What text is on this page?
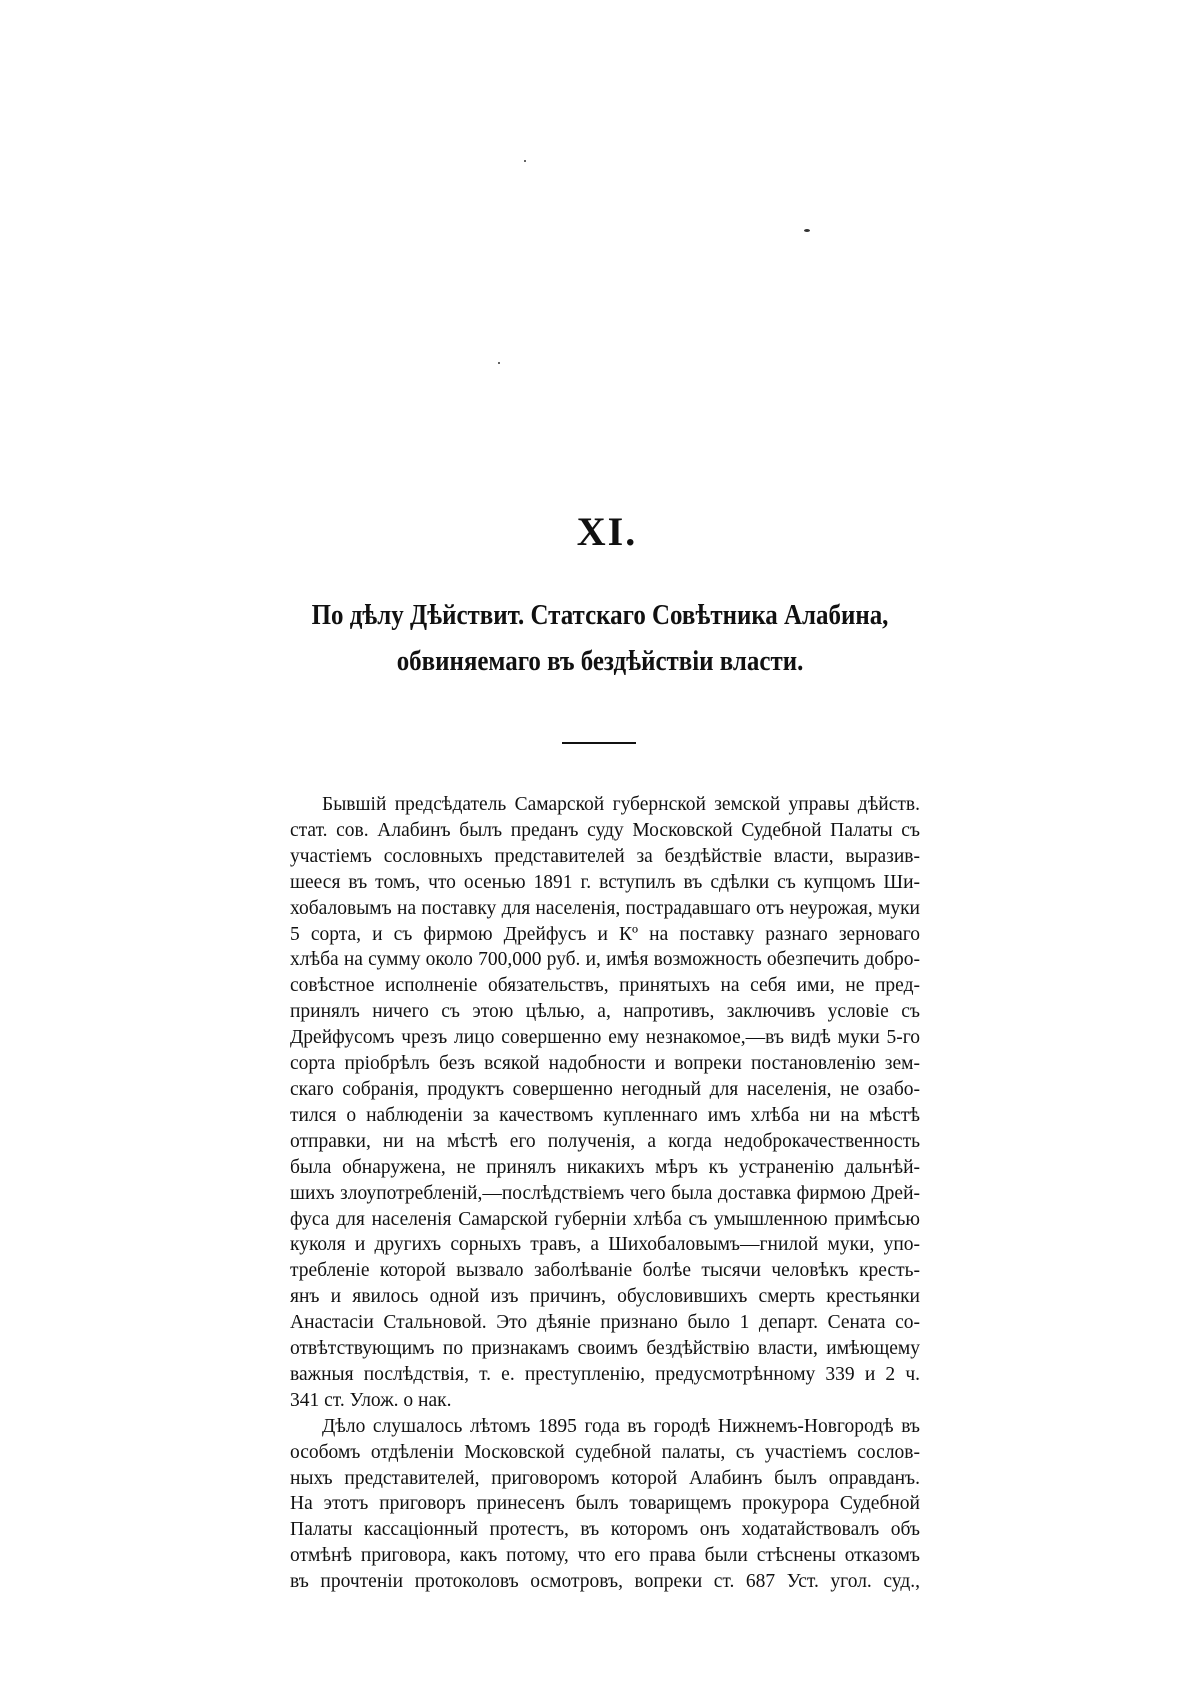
XI.
По дѣлу Дѣйствит. Статскаго Совѣтника Алабина,
обвиняемаго въ бездѣйствіи власти.
Бывшій предсѣдатель Самарской губернской земской управы дѣйств.
стат. сов. Алабинъ былъ преданъ суду Московской Судебной Палаты съ
участіемъ сословныхъ представителей за бездѣйствіе власти, выразив-
шееся въ томъ, что осенью 1891 г. вступилъ въ сдѣлки съ купцомъ Ши-
хобаловымъ на поставку для населенія, пострадавшаго отъ неурожая, муки
5 сорта, и съ фирмою Дрейфусъ и Кº на поставку разнаго зерноваго
хлѣба на сумму около 700,000 руб. и, имѣя возможность обезпечить добро-
совѣстное исполненіе обязательствъ, принятыхъ на себя ими, не пред-
принялъ ничего съ этою цѣлью, а, напротивъ, заключивъ условіе съ
Дрейфусомъ чрезъ лицо совершенно ему незнакомое,—въ видѣ муки 5-го
сорта пріобрѣлъ безъ всякой надобности и вопреки постановленію зем-
скаго собранія, продуктъ совершенно негодный для населенія, не озабо-
тился о наблюденіи за качествомъ купленнаго имъ хлѣба ни на мѣстѣ
отправки, ни на мѣстѣ его полученія, а когда недоброкачественность
была обнаружена, не принялъ никакихъ мѣръ къ устраненію дальнѣй-
шихъ злоупотребленій,—послѣдствіемъ чего была доставка фирмою Дрей-
фуса для населенія Самарской губерніи хлѣба съ умышленною примѣсью
куколя и другихъ сорныхъ травъ, а Шихобаловымъ—гнилой муки, упо-
требленіе которой вызвало заболѣваніе болѣе тысячи человѣкъ кресть-
янъ и явилось одной изъ причинъ, обусловившихъ смерть крестьянки
Анастасіи Стальновой. Это дѣяніе признано было 1 департ. Сената со-
отвѣтствующимъ по признакамъ своимъ бездѣйствію власти, имѣющему
важныя послѣдствія, т. е. преступленію, предусмотрѣнному 339 и 2 ч.
341 ст. Улож. о нак.
Дѣло слушалось лѣтомъ 1895 года въ городѣ Нижнемъ-Новгородѣ въ
особомъ отдѣленіи Московской судебной палаты, съ участіемъ сослов-
ныхъ представителей, приговоромъ которой Алабинъ былъ оправданъ.
На этотъ приговоръ принесенъ былъ товарищемъ прокурора Судебной
Палаты кассаціонный протестъ, въ которомъ онъ ходатайствовалъ объ
отмѣнѣ приговора, какъ потому, что его права были стѣснены отказомъ
въ прочтеніи протоколовъ осмотровъ, вопреки ст. 687 Уст. угол. суд.,
